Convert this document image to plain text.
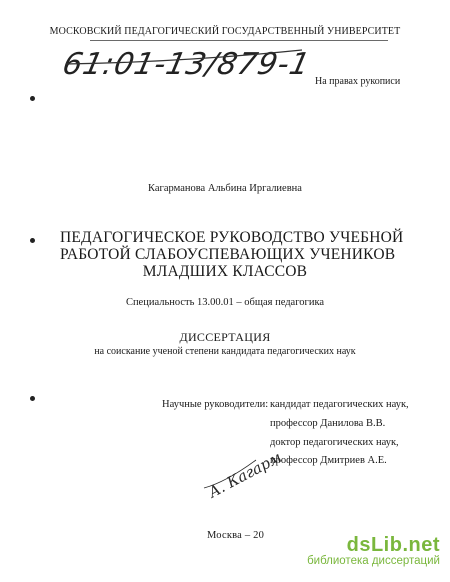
МОСКОВСКИЙ ПЕДАГОГИЧЕСКИЙ ГОСУДАРСТВЕННЫЙ УНИВЕРСИТЕТ
61:01-13/879-1 На правах рукописи
Кагарманова Альбина Иргалиевна
ПЕДАГОГИЧЕСКОЕ РУКОВОДСТВО УЧЕБНОЙ
РАБОТОЙ СЛАБОУСПЕВАЮЩИХ УЧЕНИКОВ
МЛАДШИХ КЛАССОВ
Специальность 13.00.01 – общая педагогика
ДИССЕРТАЦИЯ
на соискание ученой степени кандидата педагогических наук
Научные руководители: кандидат педагогических наук,
профессор Данилова В.В.
доктор педагогических наук,
профессор Дмитриев А.Е.
А. Кагарм
Москва – 20	dsLib.net
библиотека диссертаций
